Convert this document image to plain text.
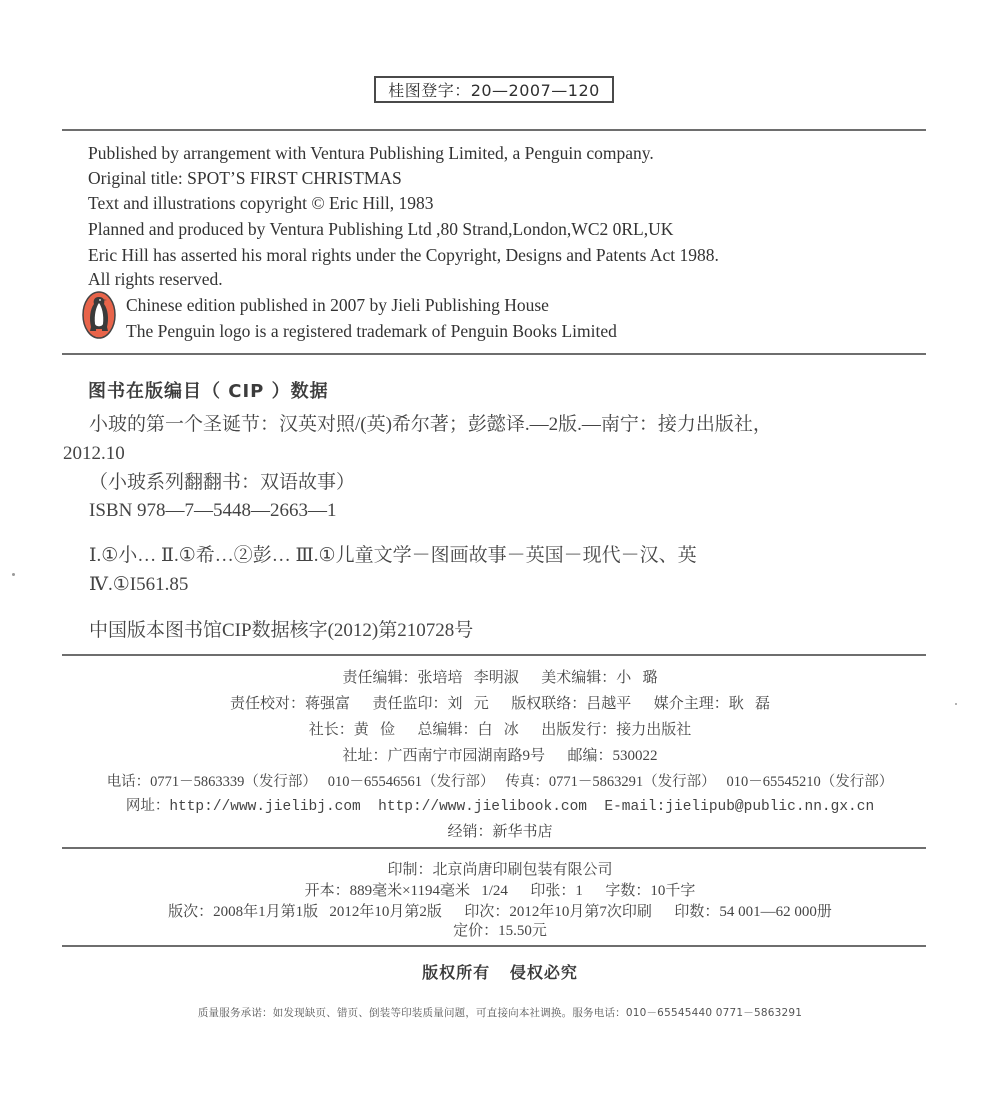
桂图登字：20—2007—120
Published by arrangement with Ventura Publishing Limited, a Penguin company.
Original title: SPOT’S FIRST CHRISTMAS
Text and illustrations copyright © Eric Hill, 1983
Planned and produced by Ventura Publishing Ltd ,80 Strand,London,WC2 0RL,UK
Eric Hill has asserted his moral rights under the Copyright, Designs and Patents Act 1988.
All rights reserved.
Chinese edition published in 2007 by Jieli Publishing House
The Penguin logo is a registered trademark of Penguin Books Limited
图书在版编目（ CIP ）数据
小玻的第一个圣诞节：汉英对照/(英)希尔著；彭懿译.—2版.—南宁：接力出版社，
2012.10
（小玻系列翻翻书：双语故事）
ISBN 978—7—5448—2663—1
Ⅰ.①小… Ⅱ.①希…②彭… Ⅲ.①儿童文学－图画故事－英国－现代－汉、英
Ⅳ.①I561.85
中国版本图书馆CIP数据核字(2012)第210728号
责任编辑：张培培   李明淑      美术编辑：小   璐
责任校对：蒋强富      责任监印：刘   元      版权联络：吕越平      媒介主理：耿   磊
社长：黄   俭      总编辑：白   冰      出版发行：接力出版社
社址：广西南宁市园湖南路9号      邮编：530022
电话：0771－5863339（发行部）   010－65546561（发行部）   传真：0771－5863291（发行部）   010－65545210（发行部）
网址：http://www.jielibj.com  http://www.jielibook.com  E-mail:jielipub@public.nn.gx.cn
经销：新华书店
印制：北京尚唐印刷包装有限公司
开本：889毫米×1194毫米   1/24      印张：1      字数：10千字
版次：2008年1月第1版   2012年10月第2版      印次：2012年10月第7次印刷      印数：54 001—62 000册
定价：15.50元
版权所有   侵权必究
质量服务承诺：如发现缺页、错页、倒装等印装质量问题，可直接向本社调换。服务电话：010－65545440 0771－5863291
